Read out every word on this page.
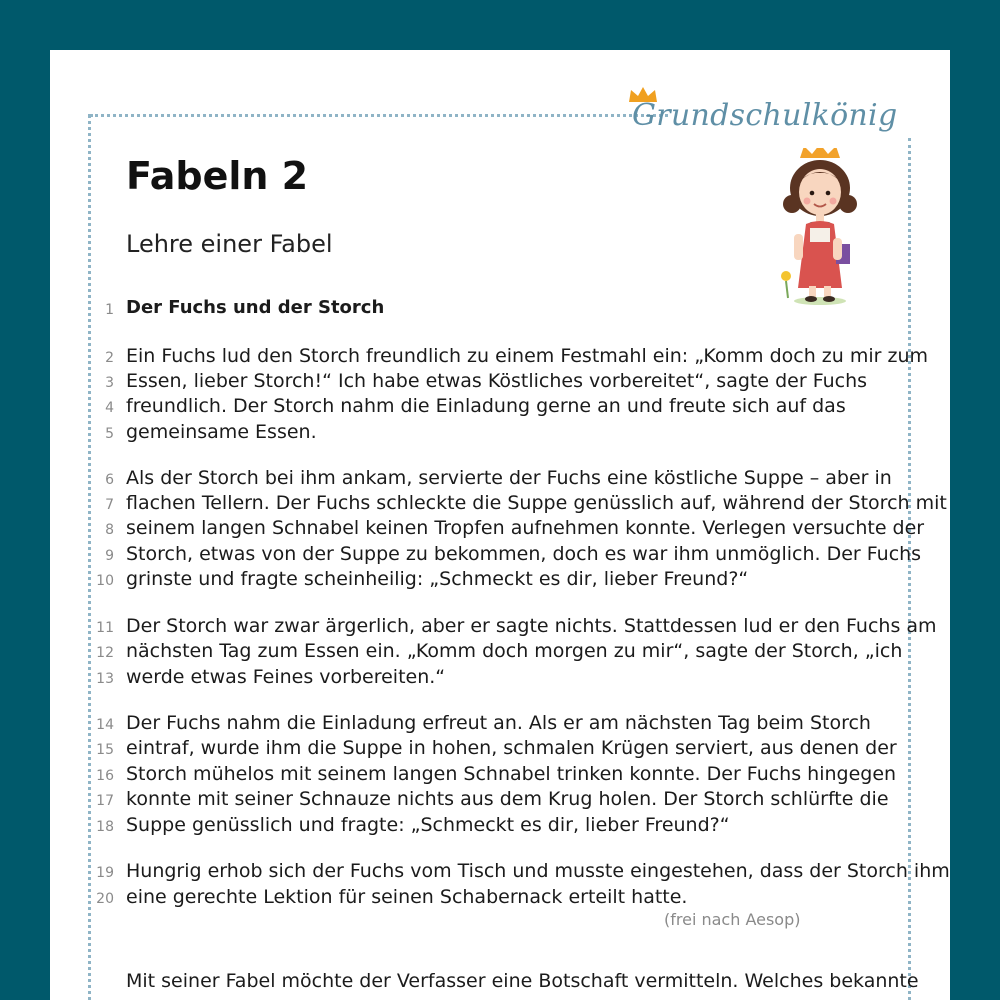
Grundschulkönig
Fabeln 2
Lehre einer Fabel
1 Der Fuchs und der Storch
2 Ein Fuchs lud den Storch freundlich zu einem Festmahl ein: „Komm doch zu mir zum
3 Essen, lieber Storch!“ Ich habe etwas Köstliches vorbereitet“, sagte der Fuchs
4 freundlich. Der Storch nahm die Einladung gerne an und freute sich auf das
5 gemeinsame Essen.
6 Als der Storch bei ihm ankam, servierte der Fuchs eine köstliche Suppe – aber in
7 flachen Tellern. Der Fuchs schleckte die Suppe genüsslich auf, während der Storch mit
8 seinem langen Schnabel keinen Tropfen aufnehmen konnte. Verlegen versuchte der
9 Storch, etwas von der Suppe zu bekommen, doch es war ihm unmöglich. Der Fuchs
10 grinste und fragte scheinheilig: „Schmeckt es dir, lieber Freund?“
11 Der Storch war zwar ärgerlich, aber er sagte nichts. Stattdessen lud er den Fuchs am
12 nächsten Tag zum Essen ein. „Komm doch morgen zu mir“, sagte der Storch, „ich
13 werde etwas Feines vorbereiten.“
14 Der Fuchs nahm die Einladung erfreut an. Als er am nächsten Tag beim Storch
15 eintraf, wurde ihm die Suppe in hohen, schmalen Krügen serviert, aus denen der
16 Storch mühelos mit seinem langen Schnabel trinken konnte. Der Fuchs hingegen
17 konnte mit seiner Schnauze nichts aus dem Krug holen. Der Storch schlürfte die
18 Suppe genüsslich und fragte: „Schmeckt es dir, lieber Freund?“
19 Hungrig erhob sich der Fuchs vom Tisch und musste eingestehen, dass der Storch ihm
20 eine gerechte Lektion für seinen Schabernack erteilt hatte.
(frei nach Aesop)
Mit seiner Fabel möchte der Verfasser eine Botschaft vermitteln. Welches bekannte
